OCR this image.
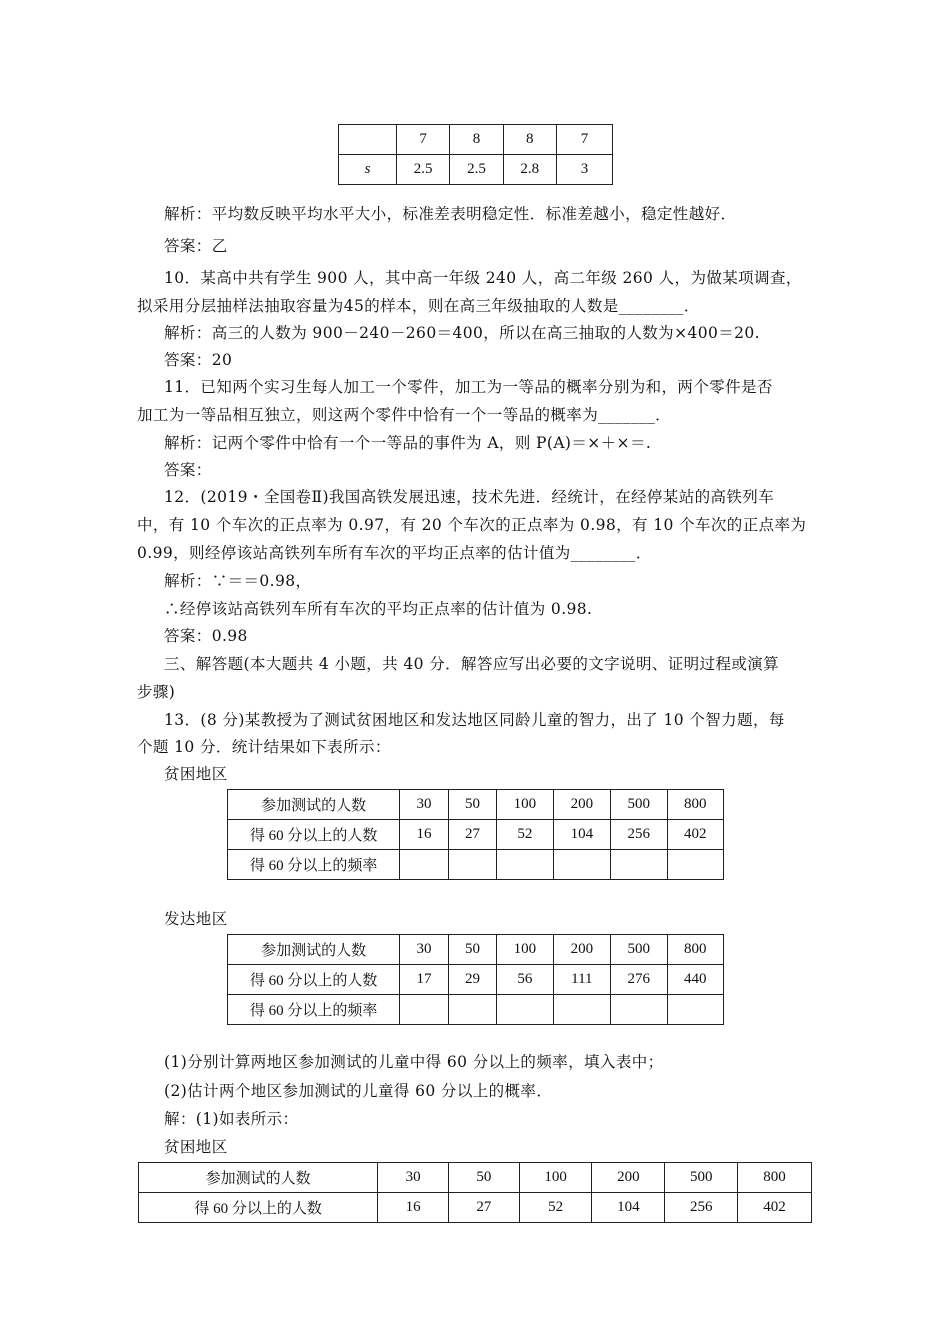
	7	8	8	7
s	2.5	2.5	2.8	3
解析：平均数反映平均水平大小，标准差表明稳定性．标准差越小，稳定性越好．
答案：乙
10．某高中共有学生 900 人，其中高一年级 240 人，高二年级 260 人，为做某项调查，
拟采用分层抽样法抽取容量为45的样本，则在高三年级抽取的人数是________．
解析：高三的人数为 900－240－260＝400，所以在高三抽取的人数为×400＝20.
答案：20
11．已知两个实习生每人加工一个零件，加工为一等品的概率分别为和，两个零件是否
加工为一等品相互独立，则这两个零件中恰有一个一等品的概率为_______．
解析：记两个零件中恰有一个一等品的事件为 A，则 P(A)＝×＋×＝.
答案：
12．(2019・全国卷Ⅱ)我国高铁发展迅速，技术先进．经统计，在经停某站的高铁列车
中，有 10 个车次的正点率为 0.97，有 20 个车次的正点率为 0.98，有 10 个车次的正点率为
0.99，则经停该站高铁列车所有车次的平均正点率的估计值为________．
解析：∵＝＝0.98，
∴经停该站高铁列车所有车次的平均正点率的估计值为 0.98.
答案：0.98
三、解答题(本大题共 4 小题，共 40 分．解答应写出必要的文字说明、证明过程或演算
步骤)
13．(8 分)某教授为了测试贫困地区和发达地区同龄儿童的智力，出了 10 个智力题，每
个题 10 分．统计结果如下表所示：
贫困地区
参加测试的人数	30	50	100	200	500	800
得 60 分以上的人数	16	27	52	104	256	402
得 60 分以上的频率						
发达地区
参加测试的人数	30	50	100	200	500	800
得 60 分以上的人数	17	29	56	111	276	440
得 60 分以上的频率						
(1)分别计算两地区参加测试的儿童中得 60 分以上的频率，填入表中；
(2)估计两个地区参加测试的儿童得 60 分以上的概率．
解：(1)如表所示：
贫困地区
参加测试的人数	30	50	100	200	500	800
得 60 分以上的人数	16	27	52	104	256	402
